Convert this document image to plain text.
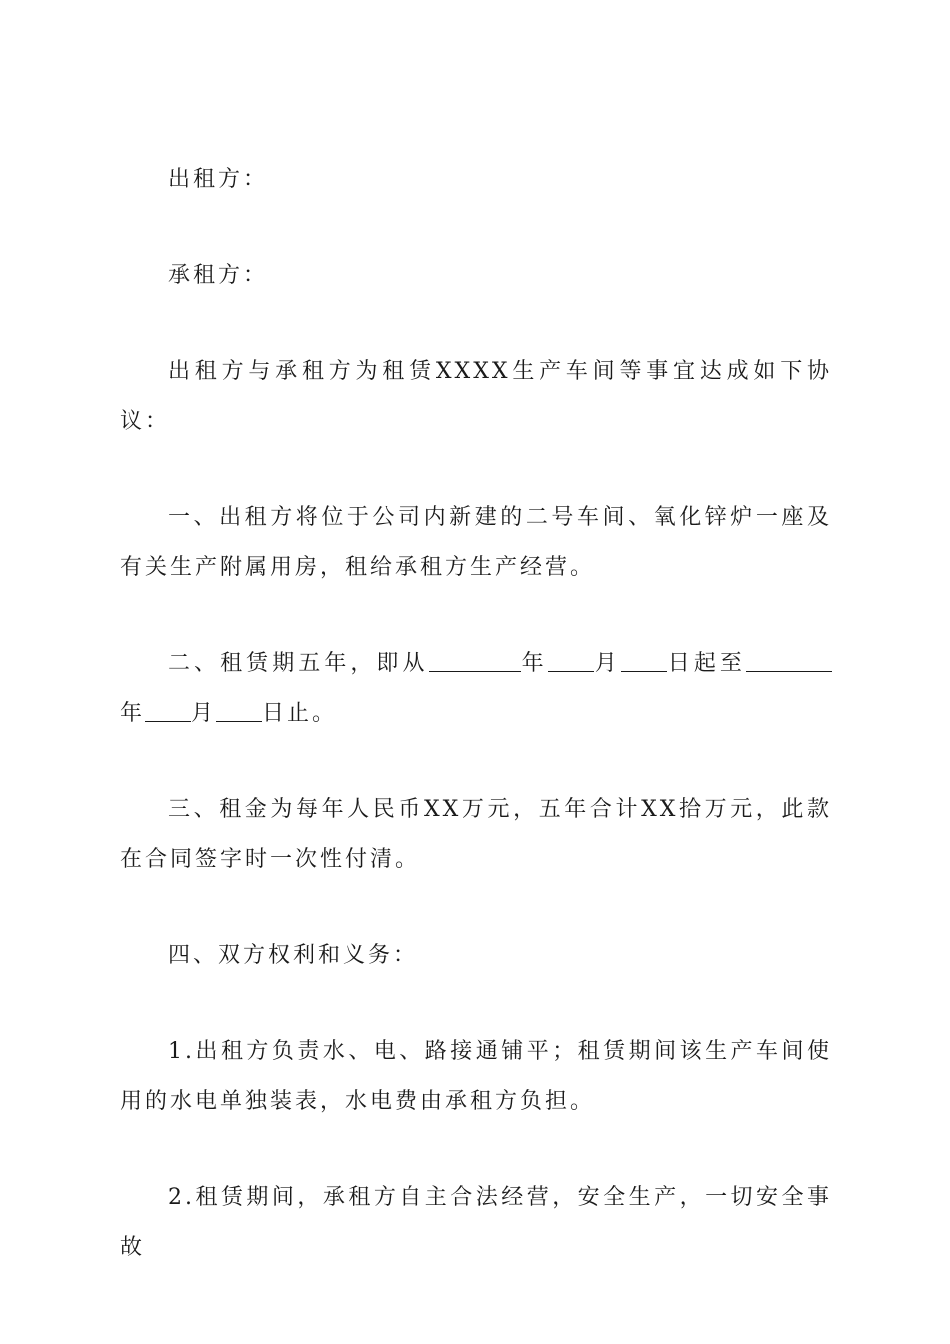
出租方：

承租方：

出租方与承租方为租赁XXXX生产车间等事宜达成如下协议：

一、出租方将位于公司内新建的二号车间、氧化锌炉一座及有关生产附属用房，租给承租方生产经营。

二、租赁期五年，即从	年 月 日起至年 月 日止。

三、租金为每年人民币XX万元，五年合计XX拾万元，此款在合同签字时一次性付清。

四、双方权利和义务：

1.出租方负责水、电、路接通铺平；租赁期间该生产车间使用的水电单独装表，水电费由承租方负担。

2.租赁期间，承租方自主合法经营，安全生产，一切安全事故
